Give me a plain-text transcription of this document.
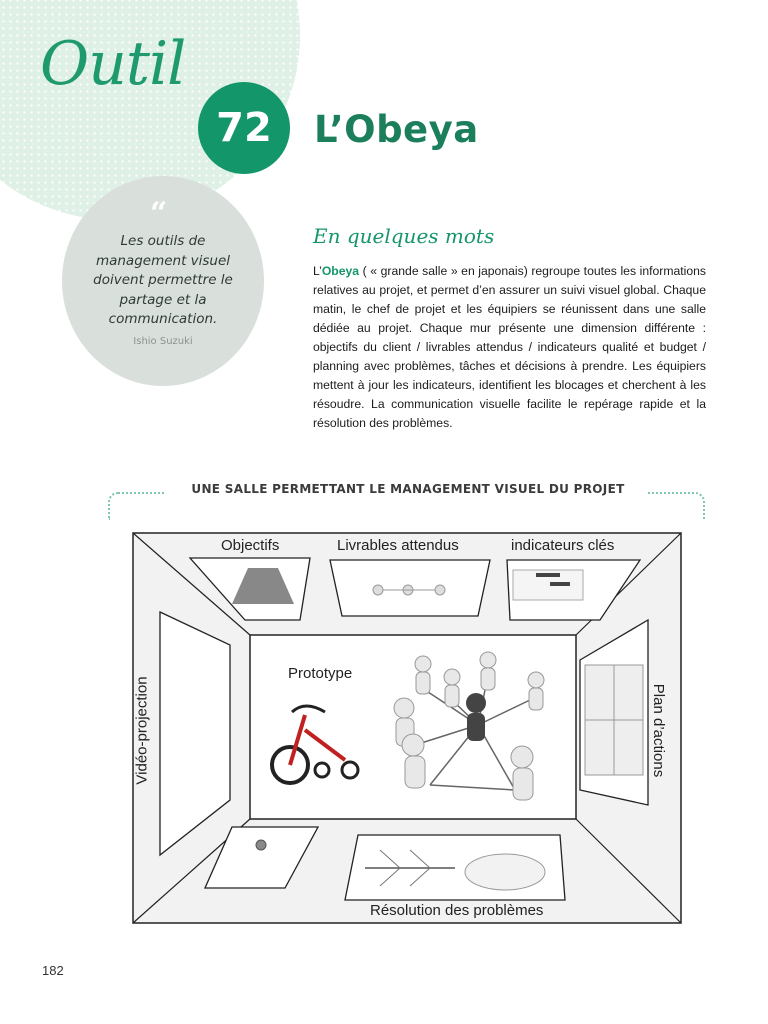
Outil
72	L’Obeya
“
Les outils de management visuel doivent permettre le partage et la communication.
Ishio Suzuki
En quelques mots
L’Obeya ( « grande salle » en japonais) regroupe toutes les informations relatives au projet, et permet d’en assurer un suivi visuel global. Chaque matin, le chef de projet et les équipiers se réunissent dans une salle dédiée au projet. Chaque mur présente une dimension différente : objectifs du client / livrables attendus / indicateurs qualité et budget / planning avec problèmes, tâches et décisions à prendre. Les équipiers mettent à jour les indicateurs, identifient les blocages et cherchent à les résoudre. La communication visuelle facilite le repérage rapide et la résolution des problèmes.
UNE SALLE PERMETTANT LE MANAGEMENT VISUEL DU PROJET
Objectifs	Livrables attendus	indicateurs clés
Prototype
Vidéo-projection	Plan d’actions
Résolution des problèmes
182
